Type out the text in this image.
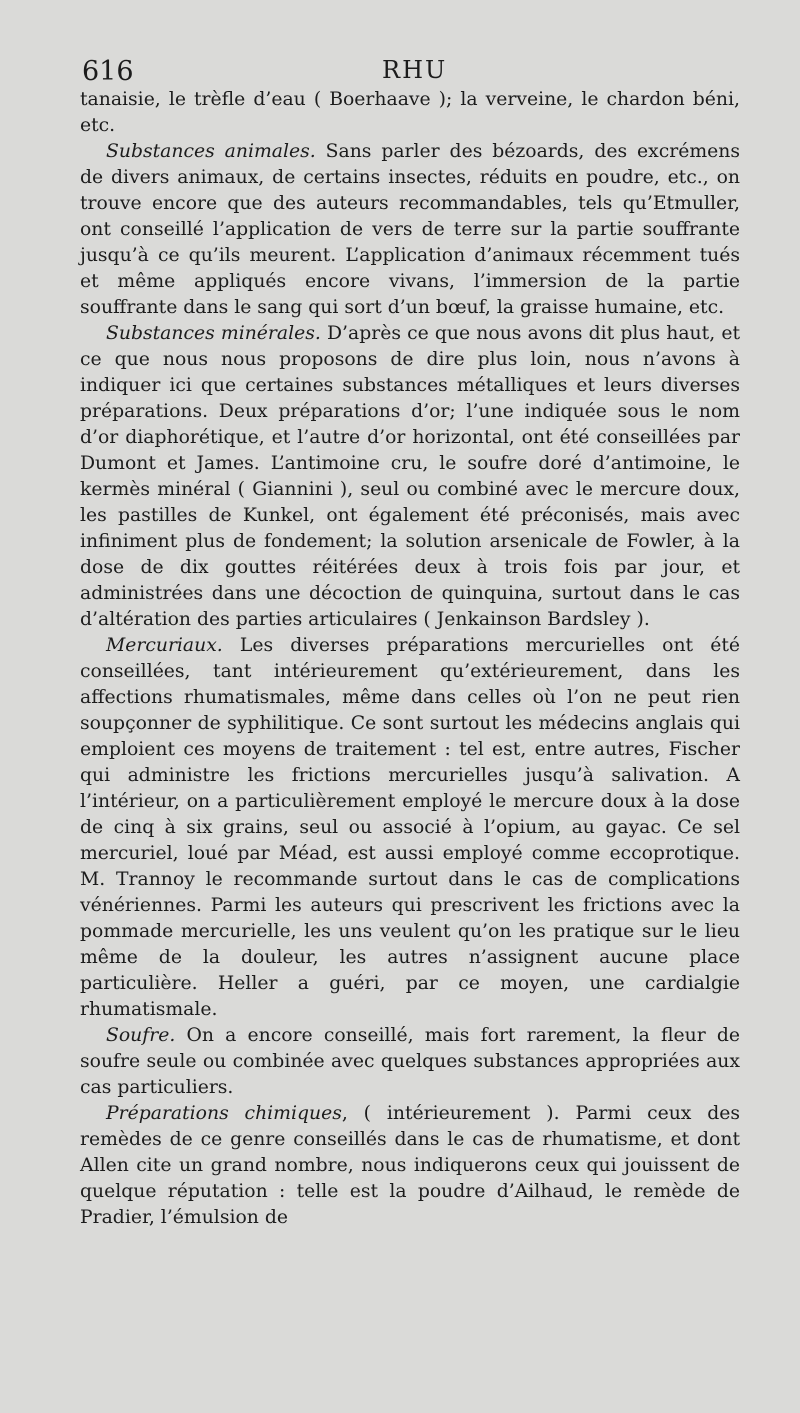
616	RHU

tanaisie, le trèfle d’eau ( Boerhaave ); la verveine, le chardon béni, etc.

Substances animales. Sans parler des bézoards, des excrémens de divers animaux, de certains insectes, réduits en poudre, etc., on trouve encore que des auteurs recommandables, tels qu’Etmuller, ont conseillé l’application de vers de terre sur la partie souffrante jusqu’à ce qu’ils meurent. L’application d’animaux récemment tués et même appliqués encore vivans, l’immersion de la partie souffrante dans le sang qui sort d’un bœuf, la graisse humaine, etc.

Substances minérales. D’après ce que nous avons dit plus haut, et ce que nous nous proposons de dire plus loin, nous n’avons à indiquer ici que certaines substances métalliques et leurs diverses préparations. Deux préparations d’or; l’une indiquée sous le nom d’or diaphorétique, et l’autre d’or horizontal, ont été conseillées par Dumont et James. L’antimoine cru, le soufre doré d’antimoine, le kermès minéral ( Giannini ), seul ou combiné avec le mercure doux, les pastilles de Kunkel, ont également été préconisés, mais avec infiniment plus de fondement; la solution arsenicale de Fowler, à la dose de dix gouttes réitérées deux à trois fois par jour, et administrées dans une décoction de quinquina, surtout dans le cas d’altération des parties articulaires ( Jenkainson Bardsley ).

Mercuriaux. Les diverses préparations mercurielles ont été conseillées, tant intérieurement qu’extérieurement, dans les affections rhumatismales, même dans celles où l’on ne peut rien soupçonner de syphilitique. Ce sont surtout les médecins anglais qui emploient ces moyens de traitement : tel est, entre autres, Fischer qui administre les frictions mercurielles jusqu’à salivation. A l’intérieur, on a particulièrement employé le mercure doux à la dose de cinq à six grains, seul ou associé à l’opium, au gayac. Ce sel mercuriel, loué par Méad, est aussi employé comme eccoprotique. M. Trannoy le recommande surtout dans le cas de complications vénériennes. Parmi les auteurs qui prescrivent les frictions avec la pommade mercurielle, les uns veulent qu’on les pratique sur le lieu même de la douleur, les autres n’assignent aucune place particulière. Heller a guéri, par ce moyen, une cardialgie rhumatismale.

Soufre. On a encore conseillé, mais fort rarement, la fleur de soufre seule ou combinée avec quelques substances appropriées aux cas particuliers.

Préparations chimiques, ( intérieurement ). Parmi ceux des remèdes de ce genre conseillés dans le cas de rhumatisme, et dont Allen cite un grand nombre, nous indiquerons ceux qui jouissent de quelque réputation : telle est la poudre d’Ailhaud, le remède de Pradier, l’émulsion de
